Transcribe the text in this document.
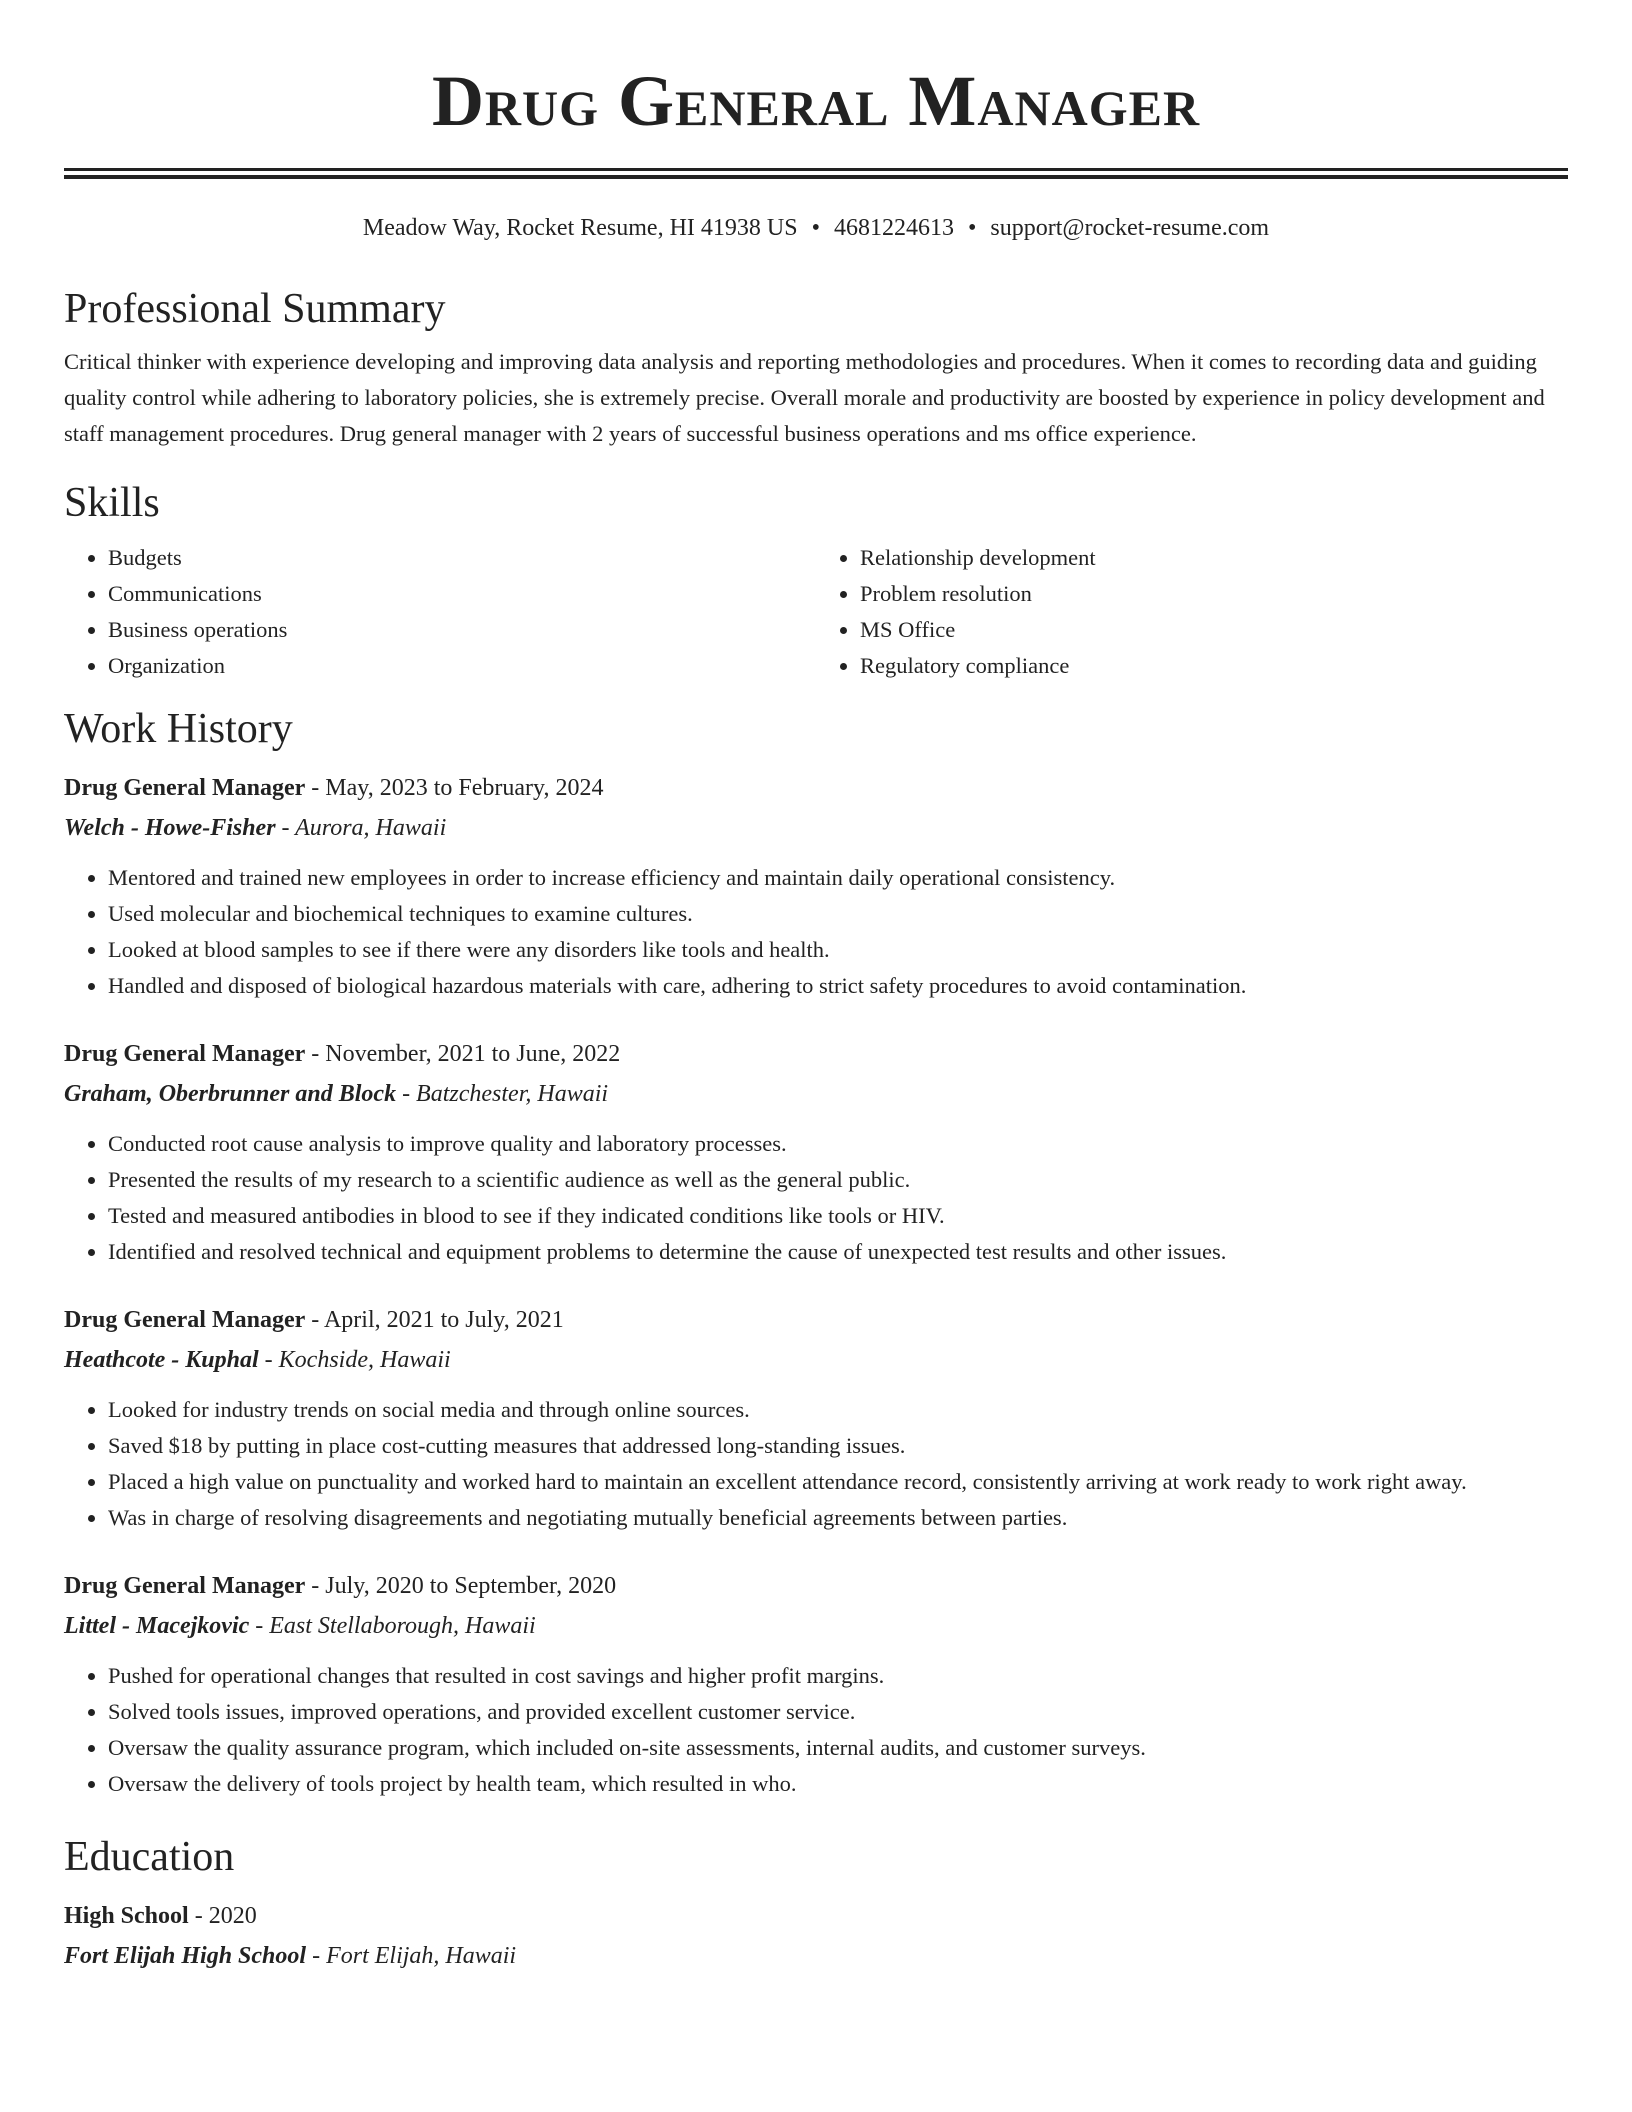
Drug General Manager
Meadow Way, Rocket Resume, HI 41938 US • 4681224613 • support@rocket-resume.com
Professional Summary

Critical thinker with experience developing and improving data analysis and reporting methodologies and procedures. When it comes to recording data and guiding quality control while adhering to laboratory policies, she is extremely precise. Overall morale and productivity are boosted by experience in policy development and staff management procedures. Drug general manager with 2 years of successful business operations and ms office experience.

Skills
• Budgets
• Communications
• Business operations
• Organization
• Relationship development
• Problem resolution
• MS Office
• Regulatory compliance
Work History
Drug General Manager - May, 2023 to February, 2024
Welch - Howe-Fisher - Aurora, Hawaii
• Mentored and trained new employees in order to increase efficiency and maintain daily operational consistency.
• Used molecular and biochemical techniques to examine cultures.
• Looked at blood samples to see if there were any disorders like tools and health.
• Handled and disposed of biological hazardous materials with care, adhering to strict safety procedures to avoid contamination.
Drug General Manager - November, 2021 to June, 2022
Graham, Oberbrunner and Block - Batzchester, Hawaii
• Conducted root cause analysis to improve quality and laboratory processes.
• Presented the results of my research to a scientific audience as well as the general public.
• Tested and measured antibodies in blood to see if they indicated conditions like tools or HIV.
• Identified and resolved technical and equipment problems to determine the cause of unexpected test results and other issues.
Drug General Manager - April, 2021 to July, 2021
Heathcote - Kuphal - Kochside, Hawaii
• Looked for industry trends on social media and through online sources.
• Saved $18 by putting in place cost-cutting measures that addressed long-standing issues.
• Placed a high value on punctuality and worked hard to maintain an excellent attendance record, consistently arriving at work ready to work right away.
• Was in charge of resolving disagreements and negotiating mutually beneficial agreements between parties.
Drug General Manager - July, 2020 to September, 2020
Littel - Macejkovic - East Stellaborough, Hawaii
• Pushed for operational changes that resulted in cost savings and higher profit margins.
• Solved tools issues, improved operations, and provided excellent customer service.
• Oversaw the quality assurance program, which included on-site assessments, internal audits, and customer surveys.
• Oversaw the delivery of tools project by health team, which resulted in who.
Education
High School - 2020
Fort Elijah High School - Fort Elijah, Hawaii
